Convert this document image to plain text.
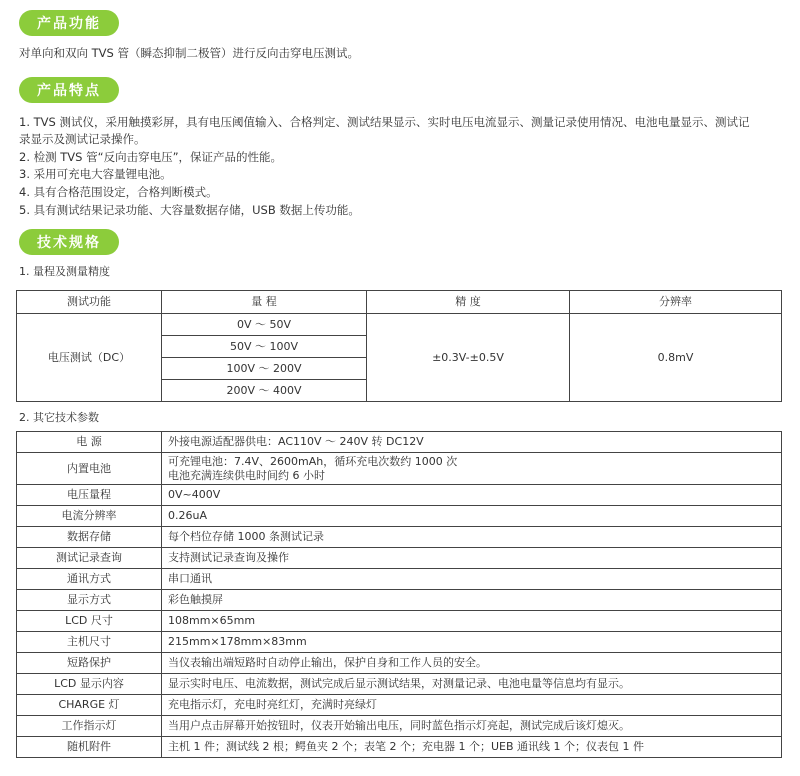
产品功能
对单向和双向 TVS 管（瞬态抑制二极管）进行反向击穿电压测试。
产品特点
1. TVS 测试仪，采用触摸彩屏，具有电压阈值输入、合格判定、测试结果显示、实时电压电流显示、测量记录使用情况、电池电量显示、测试记
录显示及测试记录操作。
2. 检测 TVS 管“反向击穿电压”，保证产品的性能。
3. 采用可充电大容量锂电池。
4. 具有合格范围设定，合格判断模式。
5. 具有测试结果记录功能、大容量数据存储，USB 数据上传功能。
技术规格
1. 量程及测量精度
测试功能	量 程	精 度	分辨率
电压测试（DC）	0V ～ 50V	±0.3V-±0.5V	0.8mV
	50V ～ 100V		
	100V ～ 200V		
	200V ～ 400V		
2. 其它技术参数
电 源	外接电源适配器供电：AC110V ～ 240V 转 DC12V
内置电池	可充锂电池：7.4V、2600mAh，循环充电次数约 1000 次
电池充满连续供电时间约 6 小时

电压量程	0V~400V
电流分辨率	0.26uA
数据存储	每个档位存储 1000 条测试记录
测试记录查询	支持测试记录查询及操作
通讯方式	串口通讯
显示方式	彩色触摸屏
LCD 尺寸	108mm×65mm
主机尺寸	215mm×178mm×83mm
短路保护	当仪表输出端短路时自动停止输出，保护自身和工作人员的安全。
LCD 显示内容	显示实时电压、电流数据，测试完成后显示测试结果，对测量记录、电池电量等信息均有显示。
CHARGE 灯	充电指示灯，充电时亮红灯，充满时亮绿灯
工作指示灯	当用户点击屏幕开始按钮时，仪表开始输出电压，同时蓝色指示灯亮起，测试完成后该灯熄灭。
随机附件	主机 1 件；测试线 2 根；鳄鱼夹 2 个；表笔 2 个；充电器 1 个；UEB 通讯线 1 个；仪表包 1 件
